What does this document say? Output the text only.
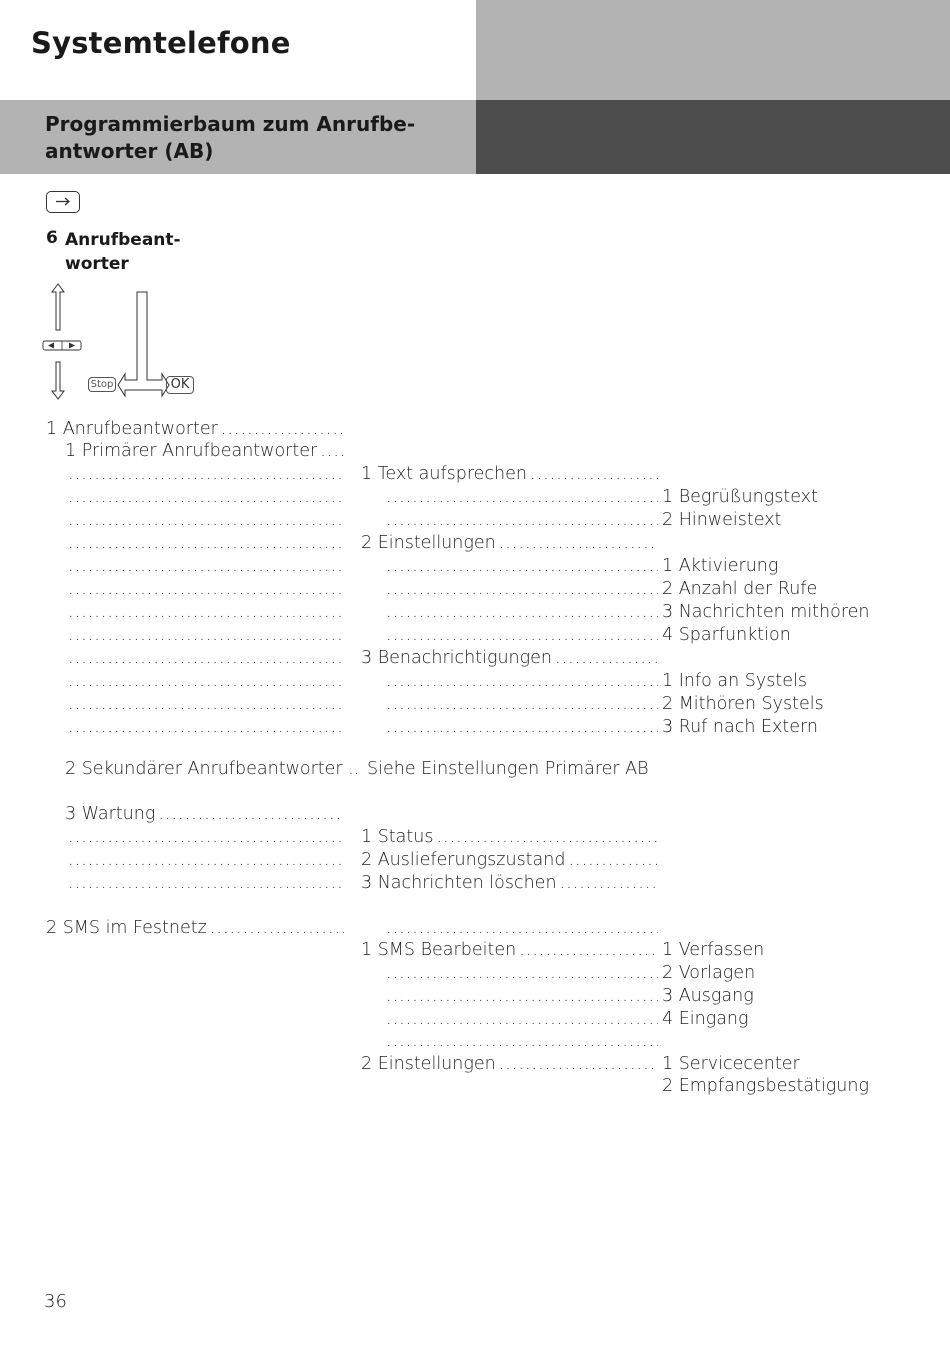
Systemtelefone
Programmierbaum zum Anrufbe-
antworter (AB)
6 Anrufbeant-
worter
Stop	OK
1 Anrufbeantworter
.....
1 Primärer Anrufbeantworter
.....
.....
.....
.....
.....
.....
.....
.....
.....
.....
.....
.....
.....
2 Sekundärer Anrufbeantworter ..
3 Wartung
.....
.....
.....
.....
2 SMS im Festnetz
.....
1 Text aufsprechen
.....
.....
.....
2 Einstellungen
.....
.....
.....
.....
.....
3 Benachrichtigungen
.....
.....
.....
.....
Siehe Einstellungen Primärer AB
1 Status
.....
2 Auslieferungszustand
.....
3 Nachrichten löschen
.....
.....
1 SMS Bearbeiten
.....
.....
.....
.....
.....
2 Einstellungen
.....
1 Begrüßungstext
2 Hinweistext
1 Aktivierung
2 Anzahl der Rufe
3 Nachrichten mithören
4 Sparfunktion
1 Info an Systels
2 Mithören Systels
3 Ruf nach Extern
1 Verfassen
2 Vorlagen
3 Ausgang
4 Eingang
1 Servicecenter
2 Empfangsbestätigung
36
